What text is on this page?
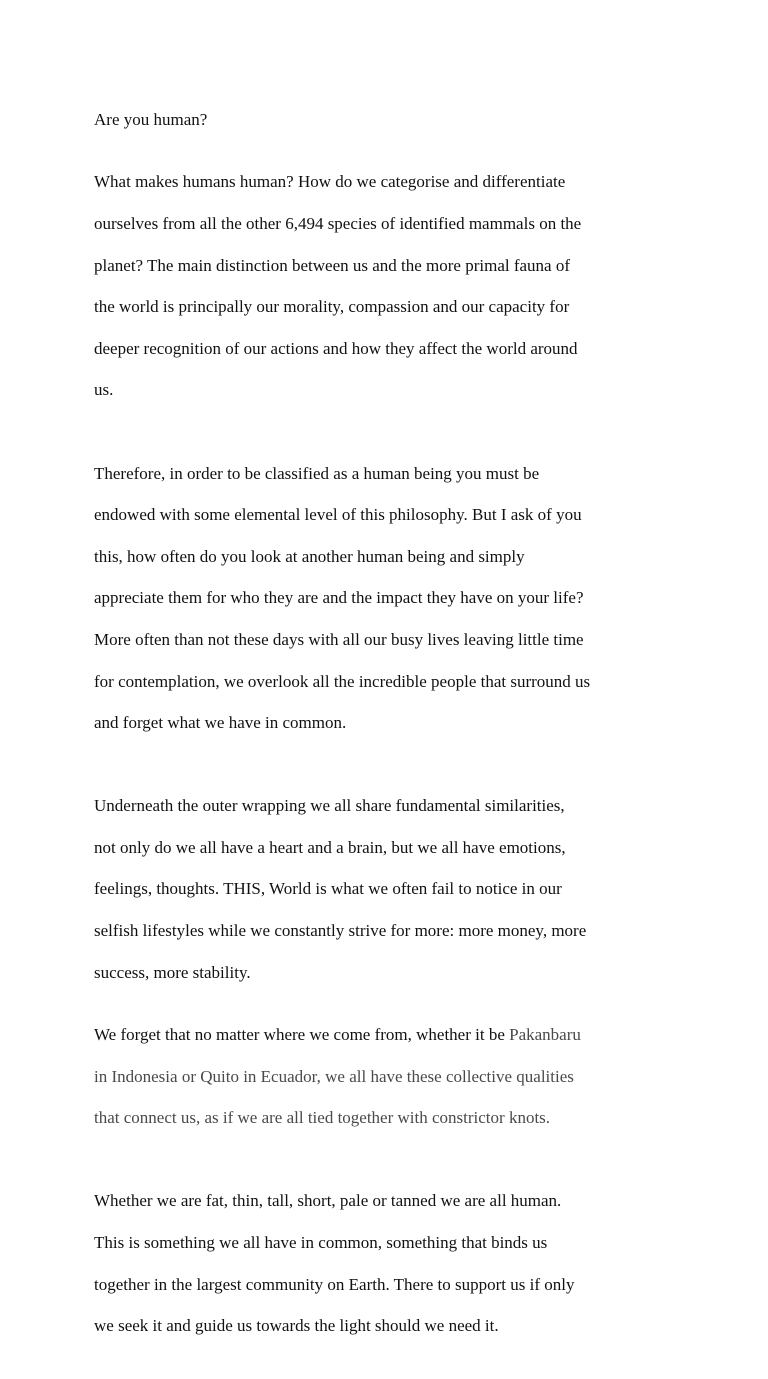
Are you human?

What makes humans human? How do we categorise and differentiate

ourselves from all the other 6,494 species of identified mammals on the

planet? The main distinction between us and the more primal fauna of

the world is principally our morality, compassion and our capacity for

deeper recognition of our actions and how they affect the world around

us.

Therefore, in order to be classified as a human being you must be

endowed with some elemental level of this philosophy. But I ask of you

this, how often do you look at another human being and simply

appreciate them for who they are and the impact they have on your life?

More often than not these days with all our busy lives leaving little time

for contemplation, we overlook all the incredible people that surround us

and forget what we have in common.

Underneath the outer wrapping we all share fundamental similarities,

not only do we all have a heart and a brain, but we all have emotions,

feelings, thoughts. THIS, World is what we often fail to notice in our

selfish lifestyles while we constantly strive for more: more money, more

success, more stability.

We forget that no matter where we come from, whether it be Pakanbaru

in Indonesia or Quito in Ecuador, we all have these collective qualities

that connect us, as if we are all tied together with constrictor knots.

Whether we are fat, thin, tall, short, pale or tanned we are all human.

This is something we all have in common, something that binds us

together in the largest community on Earth. There to support us if only

we seek it and guide us towards the light should we need it.
